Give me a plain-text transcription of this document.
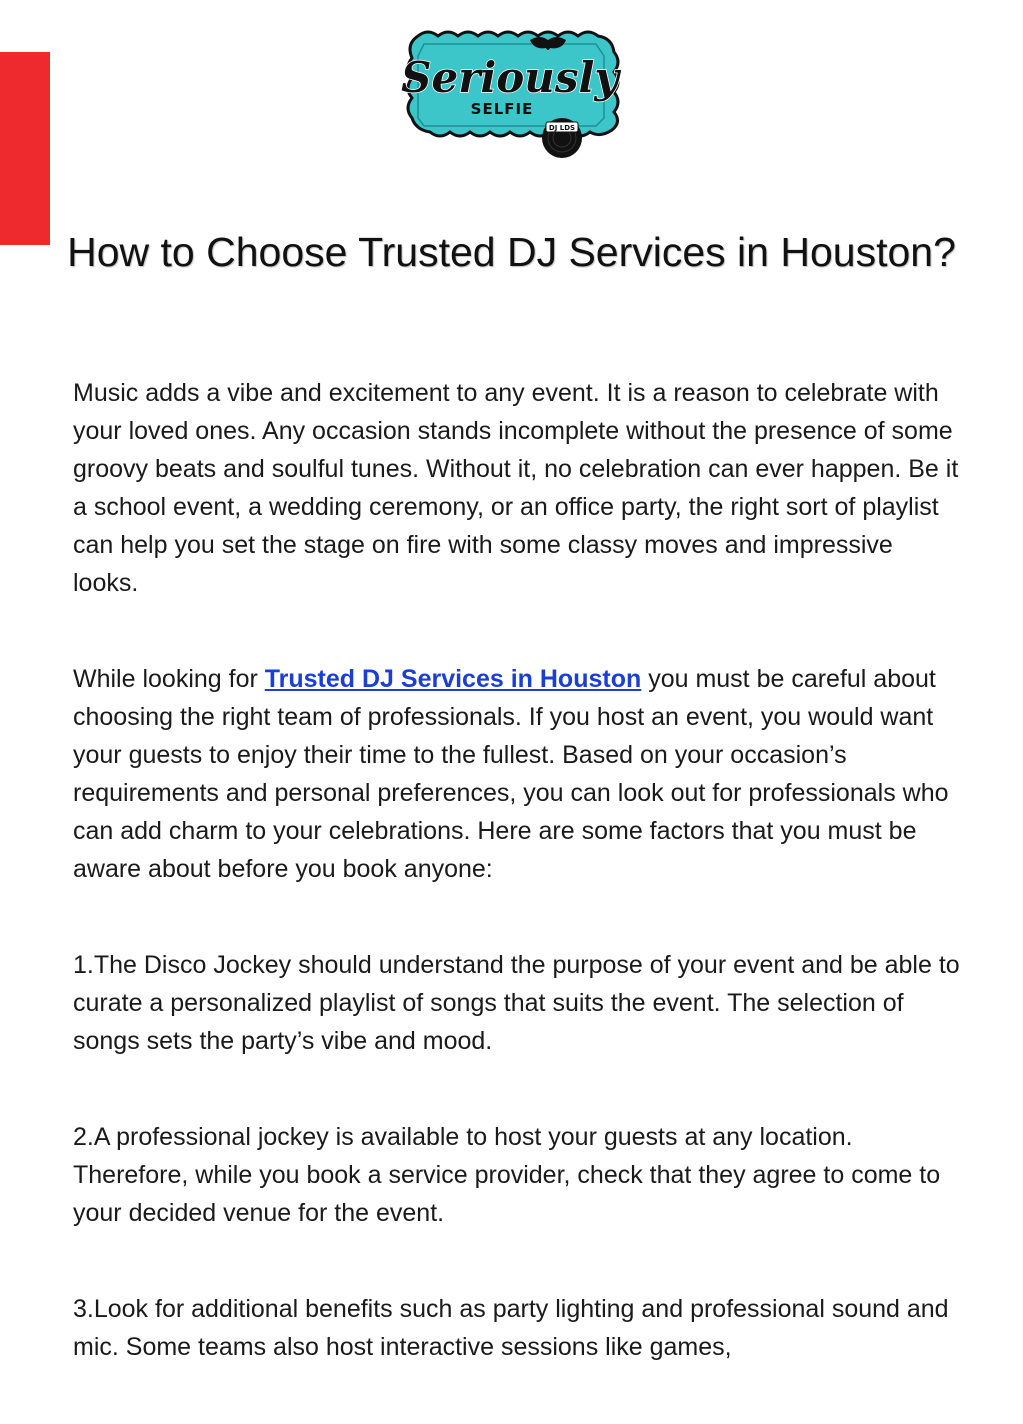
Seriously
SELFIE
DJ LDS
How to Choose Trusted DJ Services in Houston?

Music adds a vibe and excitement to any event. It is a reason to celebrate with your loved ones. Any occasion stands incomplete without the presence of some groovy beats and soulful tunes. Without it, no celebration can ever happen. Be it a school event, a wedding ceremony, or an office party, the right sort of playlist can help you set the stage on fire with some classy moves and impressive looks.

While looking for Trusted DJ Services in Houston you must be careful about choosing the right team of professionals. If you host an event, you would want your guests to enjoy their time to the fullest. Based on your occasion’s requirements and personal preferences, you can look out for professionals who can add charm to your celebrations. Here are some factors that you must be aware about before you book anyone:

1.The Disco Jockey should understand the purpose of your event and be able to curate a personalized playlist of songs that suits the event. The selection of songs sets the party’s vibe and mood.

2.A professional jockey is available to host your guests at any location. Therefore, while you book a service provider, check that they agree to come to your decided venue for the event.

3.Look for additional benefits such as party lighting and professional sound and mic. Some teams also host interactive sessions like games,
